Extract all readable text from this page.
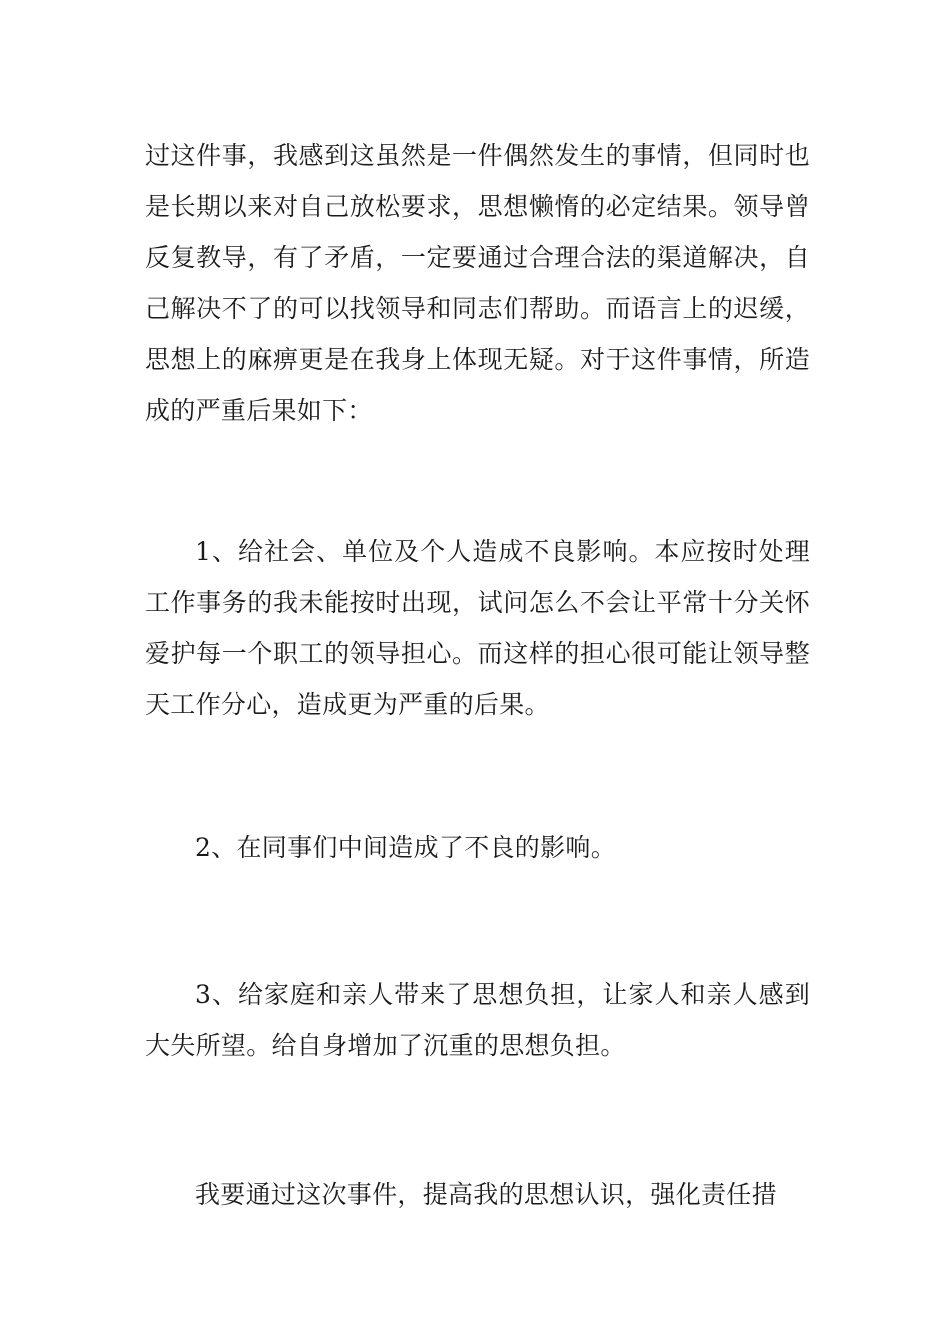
过这件事，我感到这虽然是一件偶然发生的事情，但同时也是长期以来对自己放松要求，思想懒惰的必定结果。领导曾反复教导，有了矛盾，一定要通过合理合法的渠道解决，自己解决不了的可以找领导和同志们帮助。而语言上的迟缓，思想上的麻痹更是在我身上体现无疑。对于这件事情，所造成的严重后果如下：

1、给社会、单位及个人造成不良影响。本应按时处理工作事务的我未能按时出现，试问怎么不会让平常十分关怀爱护每一个职工的领导担心。而这样的担心很可能让领导整天工作分心，造成更为严重的后果。

2、在同事们中间造成了不良的影响。

3、给家庭和亲人带来了思想负担，让家人和亲人感到大失所望。给自身增加了沉重的思想负担。

我要通过这次事件，提高我的思想认识，强化责任措
